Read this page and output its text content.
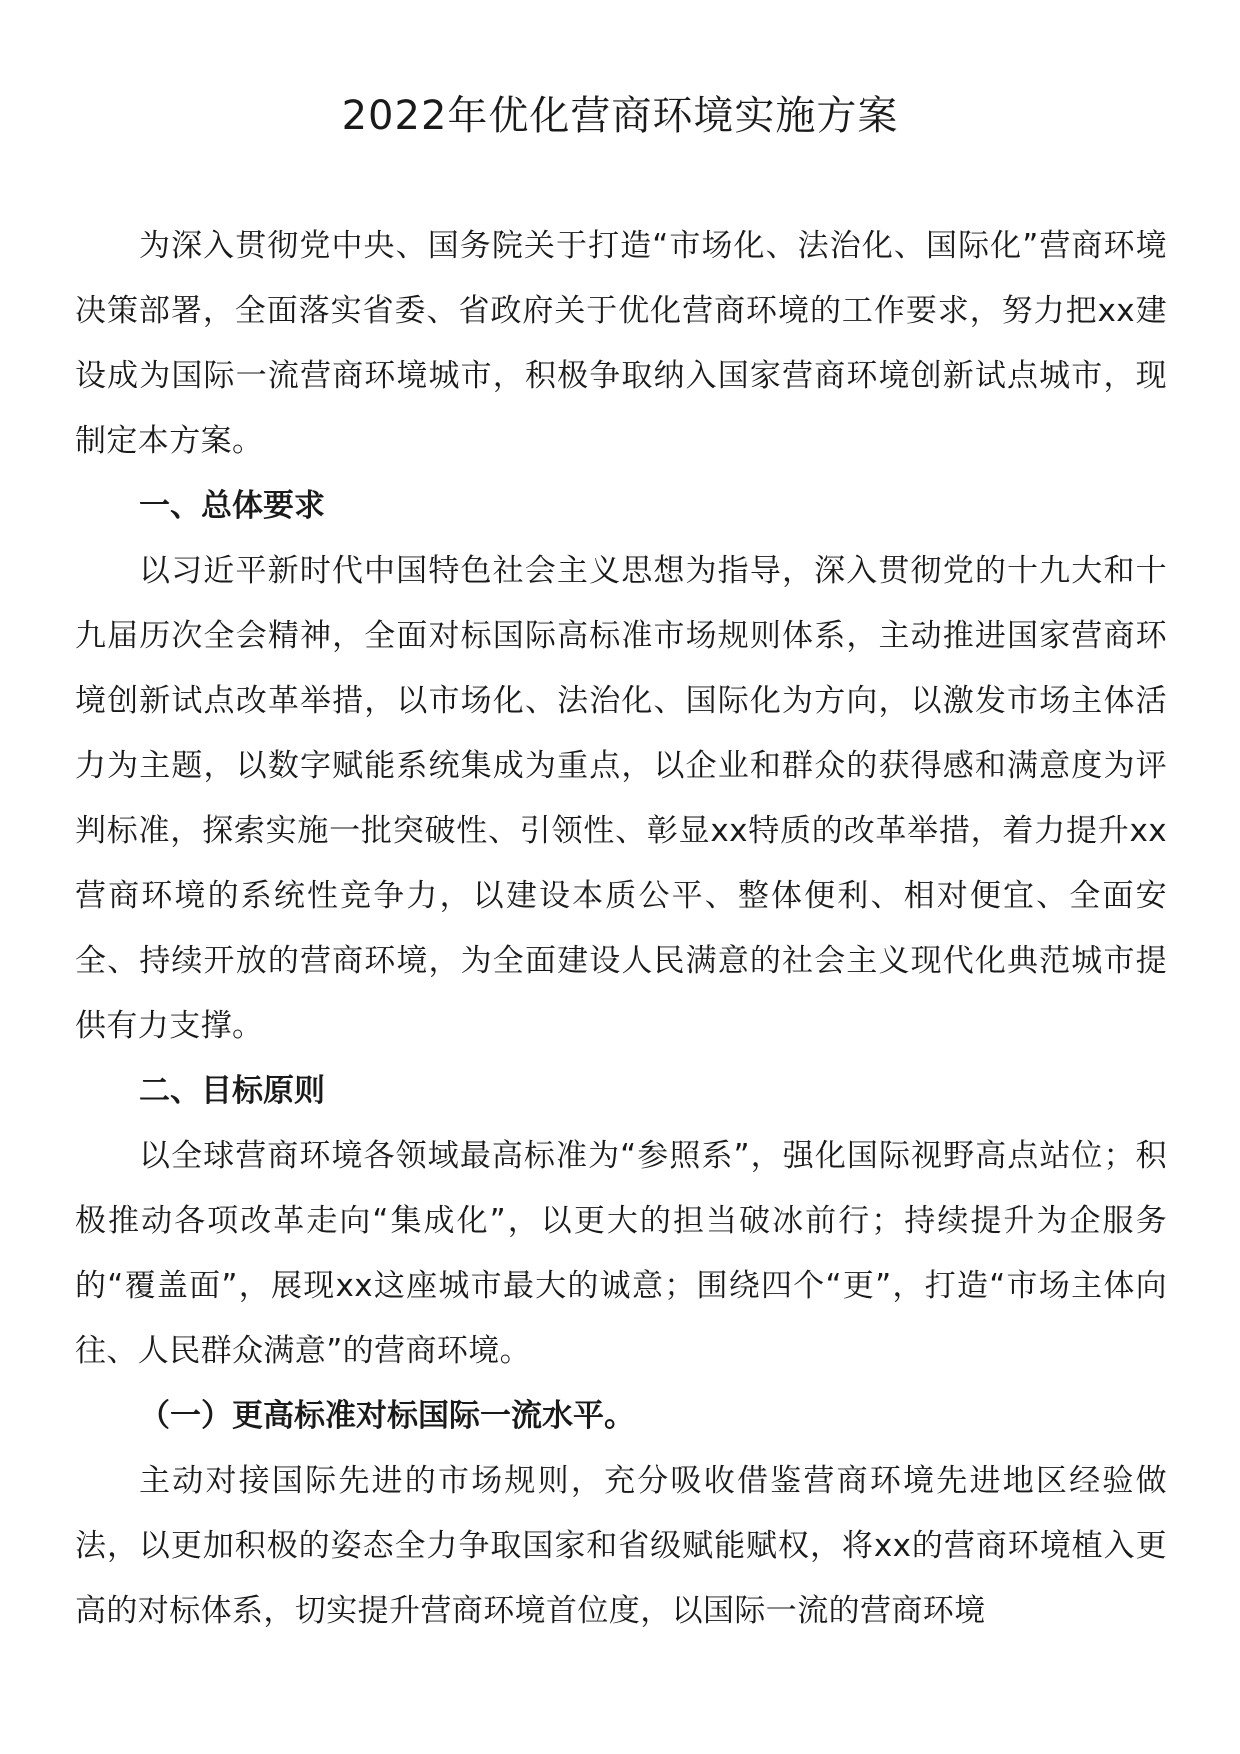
2022年优化营商环境实施方案

为深入贯彻党中央、国务院关于打造“市场化、法治化、国际化”营商环境决策部署，全面落实省委、省政府关于优化营商环境的工作要求，努力把xx建设成为国际一流营商环境城市，积极争取纳入国家营商环境创新试点城市，现制定本方案。

一、总体要求

以习近平新时代中国特色社会主义思想为指导，深入贯彻党的十九大和十九届历次全会精神，全面对标国际高标准市场规则体系，主动推进国家营商环境创新试点改革举措，以市场化、法治化、国际化为方向，以激发市场主体活力为主题，以数字赋能系统集成为重点，以企业和群众的获得感和满意度为评判标准，探索实施一批突破性、引领性、彰显xx特质的改革举措，着力提升xx营商环境的系统性竞争力，以建设本质公平、整体便利、相对便宜、全面安全、持续开放的营商环境，为全面建设人民满意的社会主义现代化典范城市提供有力支撑。

二、目标原则

以全球营商环境各领域最高标准为“参照系”，强化国际视野高点站位；积极推动各项改革走向“集成化”，以更大的担当破冰前行；持续提升为企服务的“覆盖面”，展现xx这座城市最大的诚意；围绕四个“更”，打造“市场主体向往、人民群众满意”的营商环境。

（一）更高标准对标国际一流水平。

主动对接国际先进的市场规则，充分吸收借鉴营商环境先进地区经验做法，以更加积极的姿态全力争取国家和省级赋能赋权，将xx的营商环境植入更高的对标体系，切实提升营商环境首位度，以国际一流的营商环境
